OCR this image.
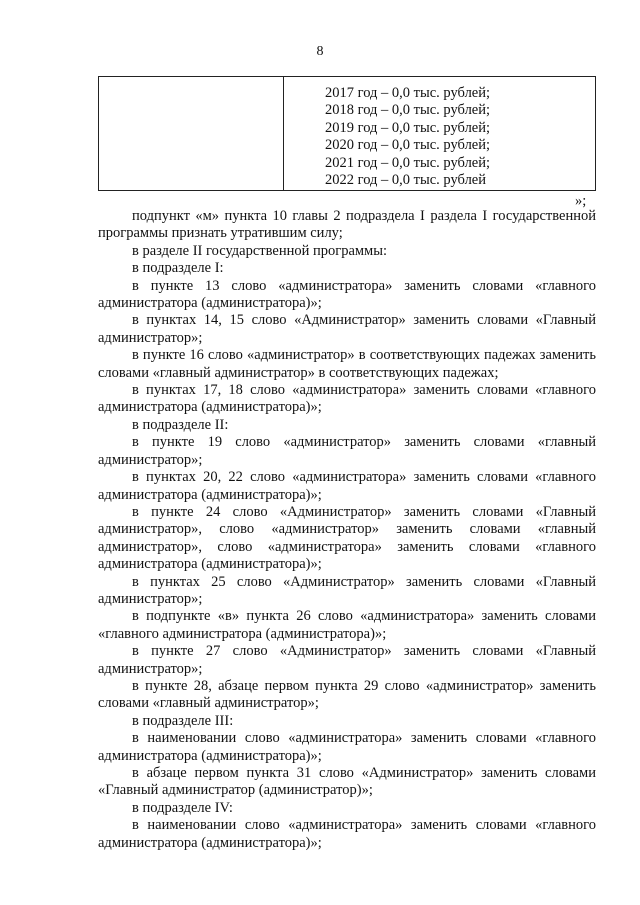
8
2017 год – 0,0 тыс. рублей;
2018 год – 0,0 тыс. рублей;
2019 год – 0,0 тыс. рублей;
2020 год – 0,0 тыс. рублей;
2021 год – 0,0 тыс. рублей;
2022 год – 0,0 тыс. рублей
»;

подпункт «м» пункта 10 главы 2 подраздела I раздела I государственной программы признать утратившим силу;

в разделе II государственной программы:

в подразделе I:

в пункте 13 слово «администратора» заменить словами «главного администратора (администратора)»;

в пунктах 14, 15 слово «Администратор» заменить словами «Главный администратор»;

в пункте 16 слово «администратор» в соответствующих падежах заменить словами «главный администратор» в соответствующих падежах;

в пунктах 17, 18 слово «администратора» заменить словами «главного администратора (администратора)»;

в подразделе II:

в пункте 19 слово «администратор» заменить словами «главный администратор»;

в пунктах 20, 22 слово «администратора» заменить словами «главного администратора (администратора)»;

в пункте 24 слово «Администратор» заменить словами «Главный администратор», слово «администратор» заменить словами «главный администратор», слово «администратора» заменить словами «главного администратора (администратора)»;

в пунктах 25 слово «Администратор» заменить словами «Главный администратор»;

в подпункте «в» пункта 26 слово «администратора» заменить словами «главного администратора (администратора)»;

в пункте 27 слово «Администратор» заменить словами «Главный администратор»;

в пункте 28, абзаце первом пункта 29 слово «администратор» заменить словами «главный администратор»;

в подразделе III:

в наименовании слово «администратора» заменить словами «главного администратора (администратора)»;

в абзаце первом пункта 31 слово «Администратор» заменить словами «Главный администратор (администратор)»;

в подразделе IV:

в наименовании слово «администратора» заменить словами «главного администратора (администратора)»;
